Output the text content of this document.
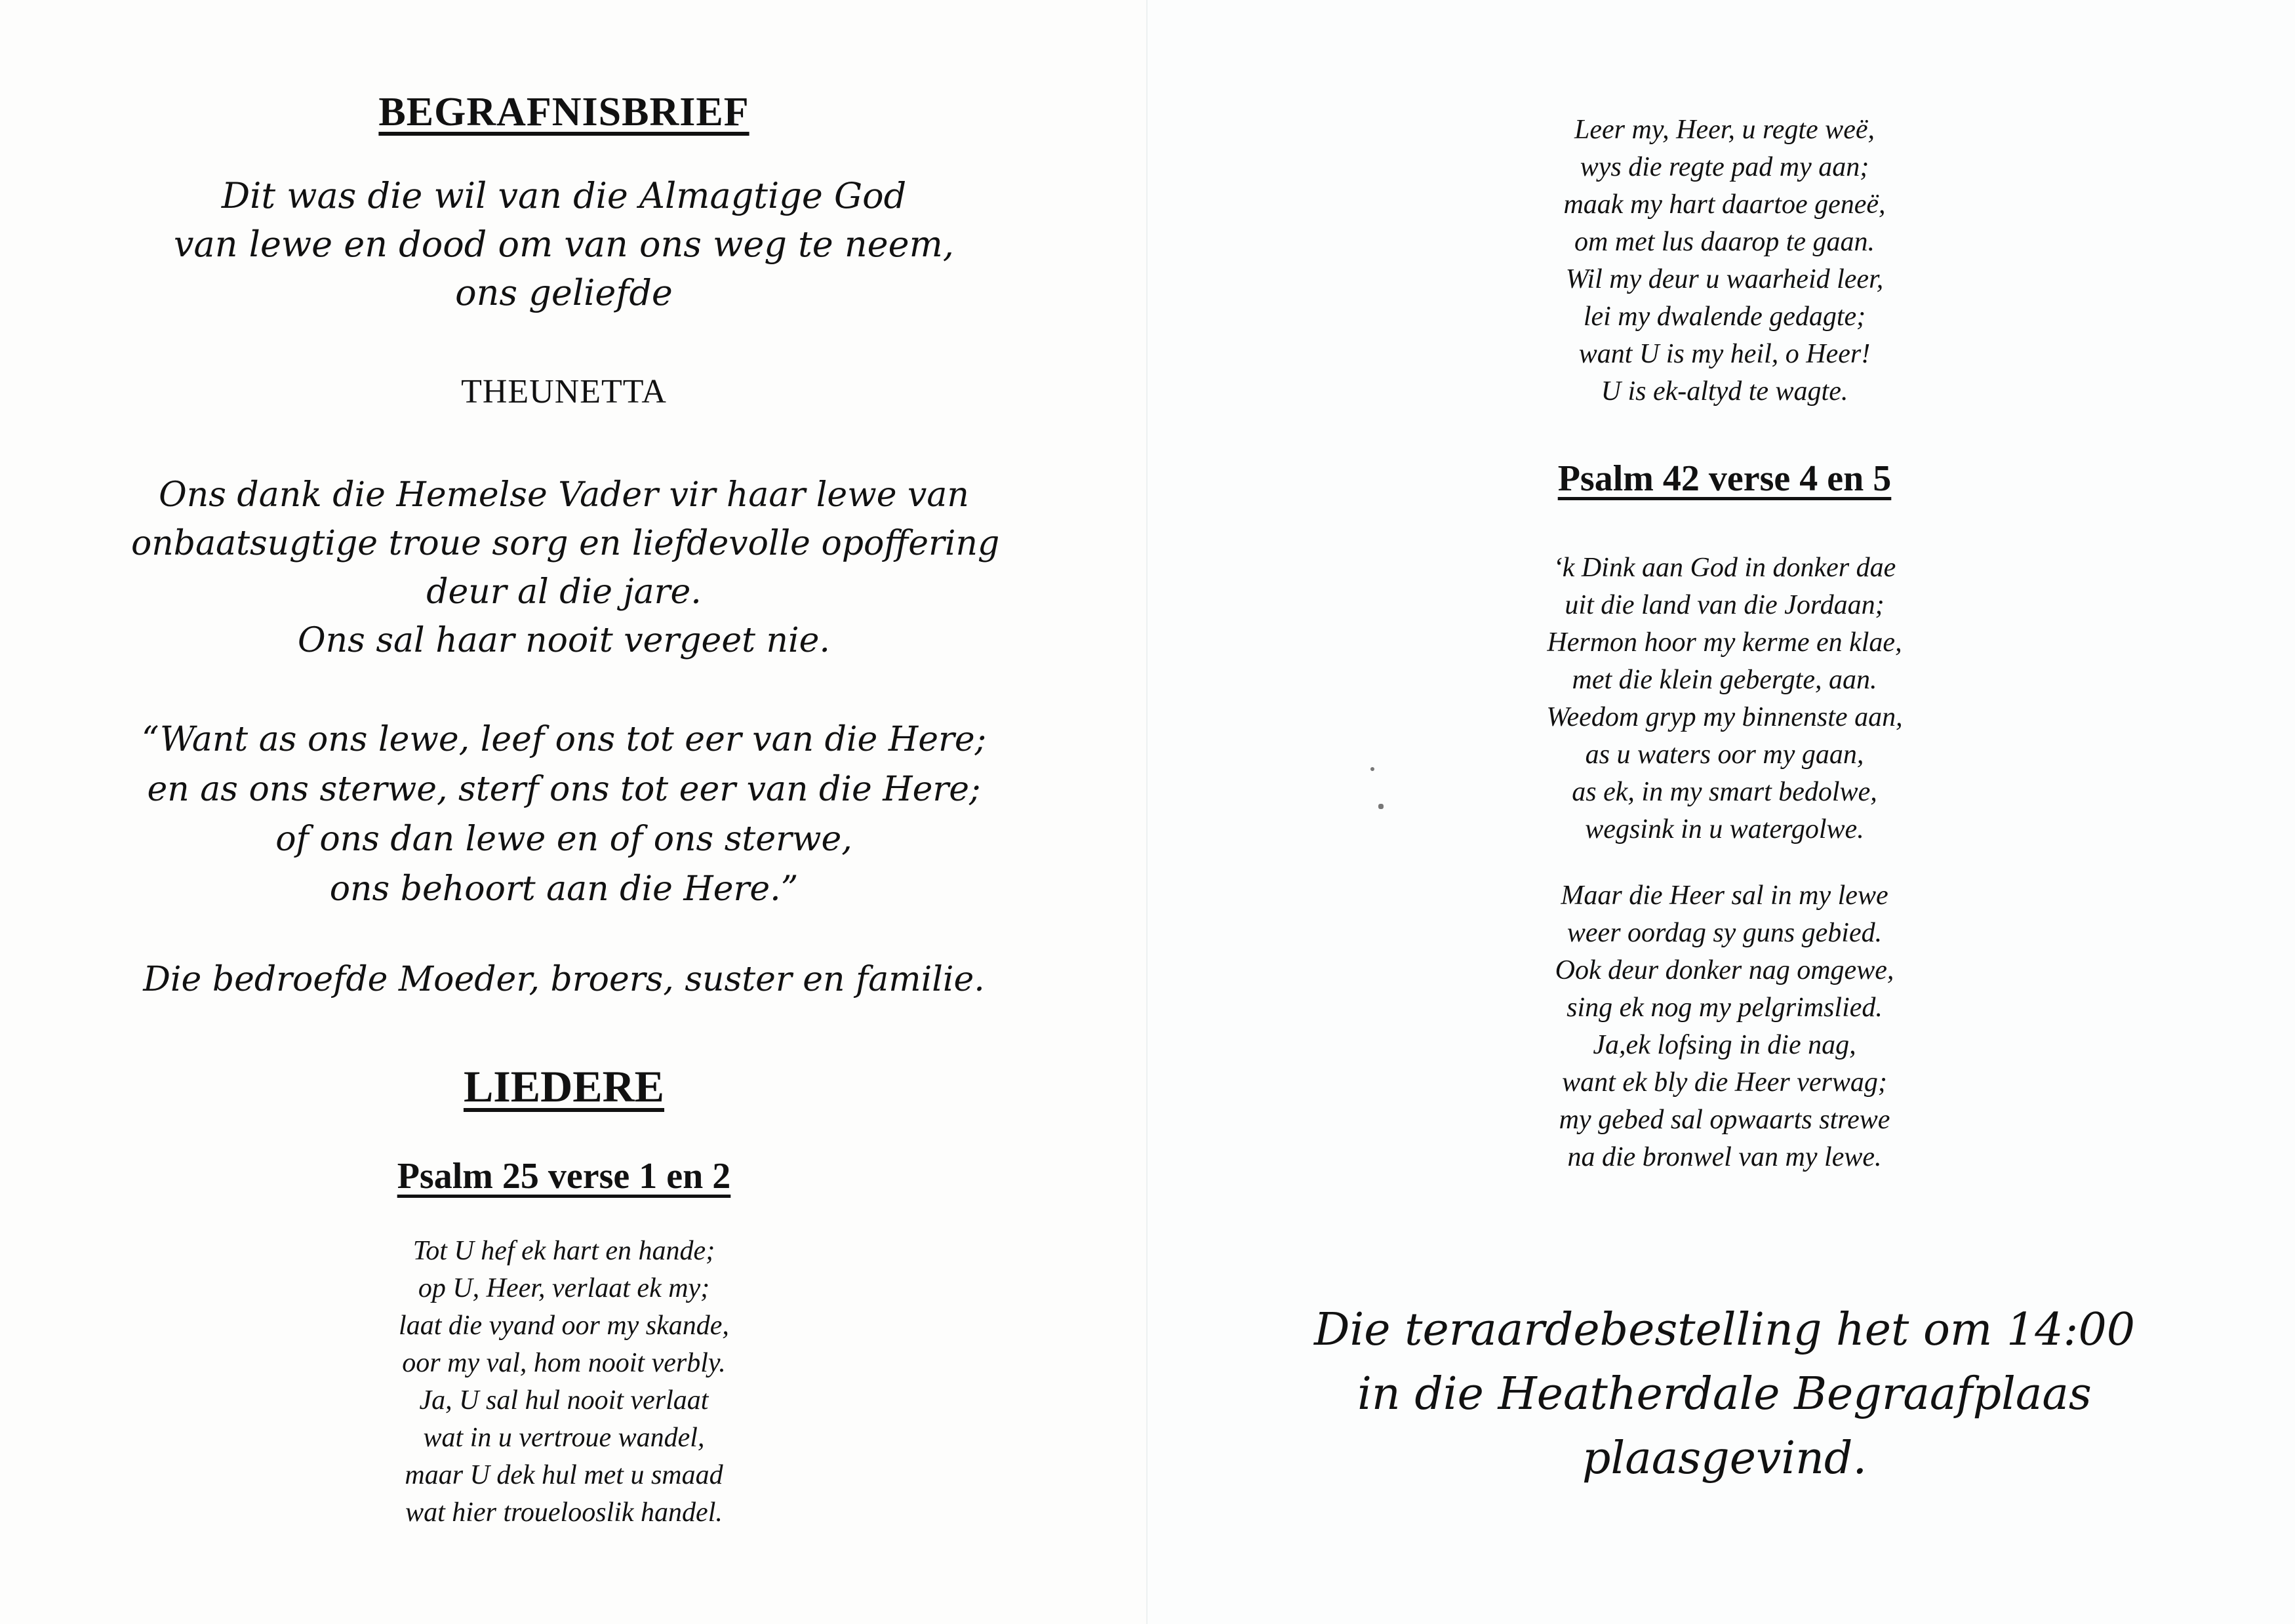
BEGRAFNISBRIEF
Dit was die wil van die Almagtige God
van lewe en dood om van ons weg te neem,
ons geliefde
THEUNETTA
Ons dank die Hemelse Vader vir haar lewe van
onbaatsugtige troue sorg en liefdevolle opoffering
deur al die jare.
Ons sal haar nooit vergeet nie.
“Want as ons lewe, leef ons tot eer van die Here;
en as ons sterwe, sterf ons tot eer van die Here;
of ons dan lewe en of ons sterwe,
ons behoort aan die Here.”
Die bedroefde Moeder, broers, suster en familie.
LIEDERE
Psalm 25 verse 1 en 2
Tot U hef ek hart en hande;
op U, Heer, verlaat ek my;
laat die vyand oor my skande,
oor my val, hom nooit verbly.
Ja, U sal hul nooit verlaat
wat in u vertroue wandel,
maar U dek hul met u smaad
wat hier trouelooslik handel.
Leer my, Heer, u regte weë,
wys die regte pad my aan;
maak my hart daartoe geneë,
om met lus daarop te gaan.
Wil my deur u waarheid leer,
lei my dwalende gedagte;
want U is my heil, o Heer!
U is ek-altyd te wagte.
Psalm 42 verse 4 en 5
‘k Dink aan God in donker dae
uit die land van die Jordaan;
Hermon hoor my kerme en klae,
met die klein gebergte, aan.
Weedom gryp my binnenste aan,
as u waters oor my gaan,
as ek, in my smart bedolwe,
wegsink in u watergolwe.
Maar die Heer sal in my lewe
weer oordag sy guns gebied.
Ook deur donker nag omgewe,
sing ek nog my pelgrimslied.
Ja,ek lofsing in die nag,
want ek bly die Heer verwag;
my gebed sal opwaarts strewe
na die bronwel van my lewe.
Die teraardebestelling het om 14:00
in die Heatherdale Begraafplaas
plaasgevind.
